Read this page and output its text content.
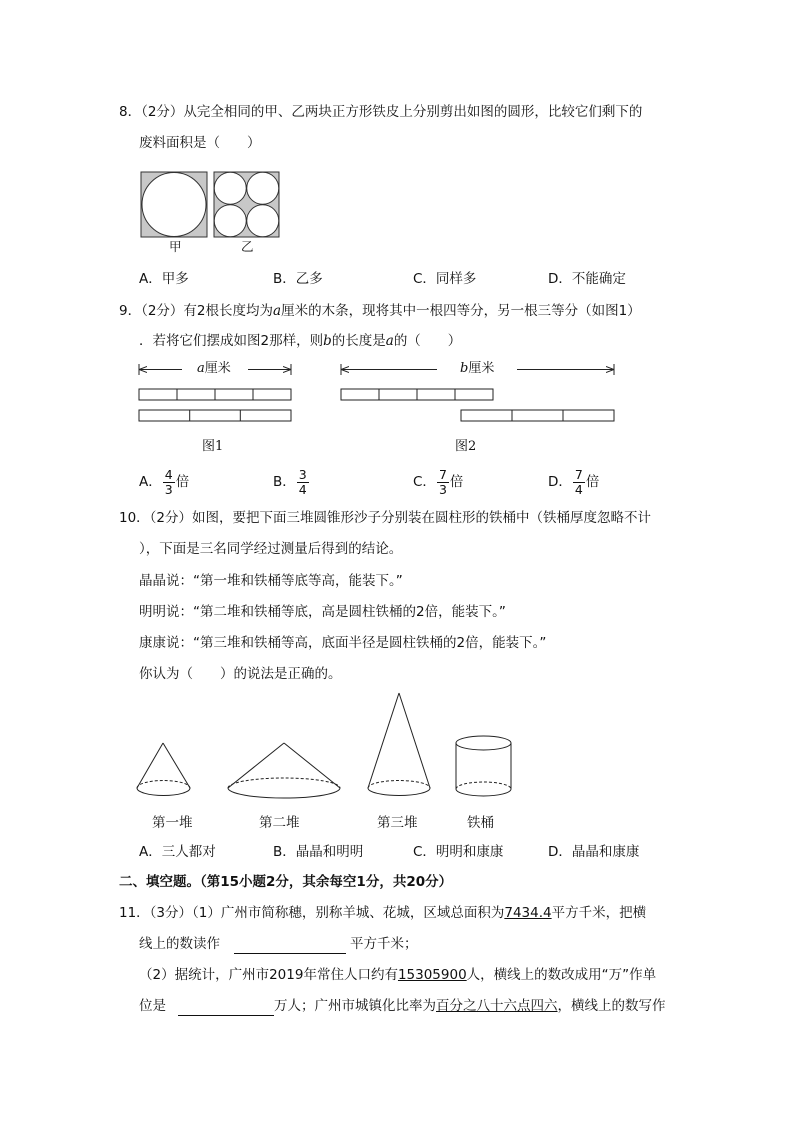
8．（2分）从完全相同的甲、乙两块正方形铁皮上分别剪出如图的圆形，比较它们剩下的
废料面积是（　　）
甲	乙
A．甲多	B．乙多	C．同样多	D．不能确定
9．（2分）有2根长度均为a厘米的木条，现将其中一根四等分，另一根三等分（如图1）
．若将它们摆成如图2那样，则b的长度是a的（　　）
a厘米	b厘米
图1	图2
A． $\frac{4}{3}$ 倍	B． $\frac{3}{4}$	C． $\frac{7}{3}$ 倍	D． $\frac{7}{4}$ 倍
10．（2分）如图，要把下面三堆圆锥形沙子分别装在圆柱形的铁桶中（铁桶厚度忽略不计
），下面是三名同学经过测量后得到的结论。
晶晶说：“第一堆和铁桶等底等高，能装下。”
明明说：“第二堆和铁桶等底，高是圆柱铁桶的2倍，能装下。”
康康说：“第三堆和铁桶等高，底面半径是圆柱铁桶的2倍，能装下。”
你认为（　　）的说法是正确的。
第一堆	第二堆	第三堆	铁桶
A．三人都对	B．晶晶和明明	C．明明和康康	D．晶晶和康康
二、填空题。（第15小题2分，其余每空1分，共20分）
11．（3分）（1）广州市简称穗，别称羊城、花城，区域总面积为7434.4平方千米，把横
线上的数读作	平方千米；
（2）据统计，广州市2019年常住人口约有15305900人，横线上的数改成用“万”作单
位是	万人；广州市城镇化比率为百分之八十六点四六，横线上的数写作
